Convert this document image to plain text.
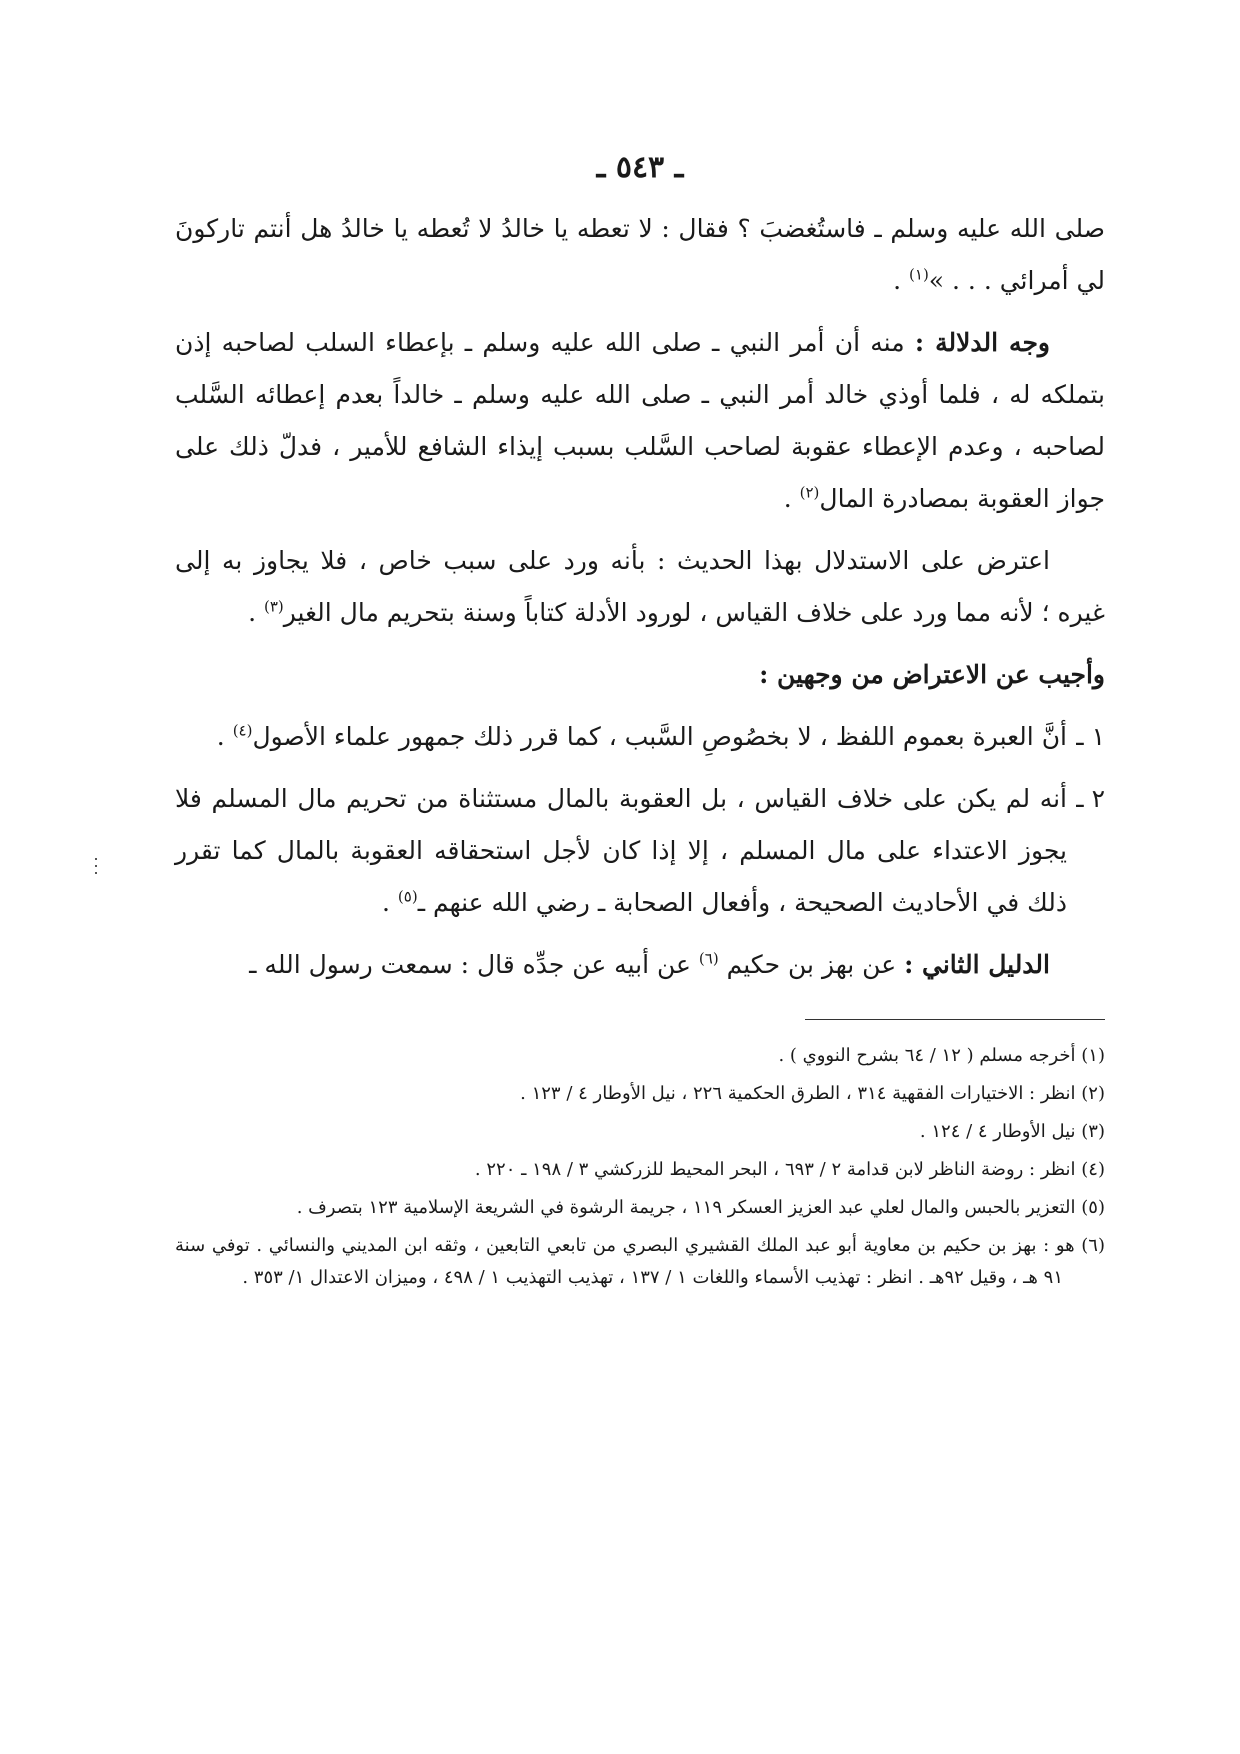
ـ ٥٤٣ ـ

صلى الله عليه وسلم ـ فاستُغضبَ ؟ فقال : لا تعطه يا خالدُ لا تُعطه يا خالدُ هل أنتم تاركونَ لي أمرائي . . . »$^{(١)}$ .

وجه الدلالة : منه أن أمر النبي ـ صلى الله عليه وسلم ـ بإعطاء السلب لصاحبه إذن بتملكه له ، فلما أوذي خالد أمر النبي ـ صلى الله عليه وسلم ـ خالداً بعدم إعطائه السَّلب لصاحبه ، وعدم الإعطاء عقوبة لصاحب السَّلب بسبب إيذاء الشافع للأمير ، فدلّ ذلك على جواز العقوبة بمصادرة المال$^{(٢)}$ .

اعترض على الاستدلال بهذا الحديث : بأنه ورد على سبب خاص ، فلا يجاوز به إلى غيره ؛ لأنه مما ورد على خلاف القياس ، لورود الأدلة كتاباً وسنة بتحريم مال الغير$^{(٣)}$ .

وأجيب عن الاعتراض من وجهين :

١ ـ
أنَّ العبرة بعموم اللفظ ، لا بخصُوصِ السَّبب ، كما قرر ذلك جمهور علماء الأصول$^{(٤)}$ .
٢ ـ
أنه لم يكن على خلاف القياس ، بل العقوبة بالمال مستثناة من تحريم مال المسلم فلا يجوز الاعتداء على مال المسلم ، إلا إذا كان لأجل استحقاقه العقوبة بالمال كما تقرر ذلك في الأحاديث الصحيحة ، وأفعال الصحابة ـ رضي الله عنهم ـ$^{(٥)}$ .

الدليل الثاني : عن بهز بن حكيم $^{(٦)}$ عن أبيه عن جدِّه قال : سمعت رسول الله ـ

(١) أخرجه مسلم ( ١٢ / ٦٤ بشرح النووي ) .

(٢) انظر : الاختيارات الفقهية ٣١٤ ، الطرق الحكمية ٢٢٦ ، نيل الأوطار ٤ / ١٢٣ .

(٣) نيل الأوطار ٤ / ١٢٤ .

(٤) انظر : روضة الناظر لابن قدامة ٢ / ٦٩٣ ، البحر المحيط للزركشي ٣ / ١٩٨ ـ ٢٢٠ .

(٥) التعزير بالحبس والمال لعلي عبد العزيز العسكر ١١٩ ، جريمة الرشوة في الشريعة الإسلامية ١٢٣ بتصرف .

(٦) هو : بهز بن حكيم بن معاوية أبو عبد الملك القشيري البصري من تابعي التابعين ، وثقه ابن المديني والنسائي . توفي سنة ٩١ هـ ، وقيل ٩٢هـ . انظر : تهذيب الأسماء واللغات ١ / ١٣٧ ، تهذيب التهذيب ١ / ٤٩٨ ، وميزان الاعتدال ١/ ٣٥٣ .
